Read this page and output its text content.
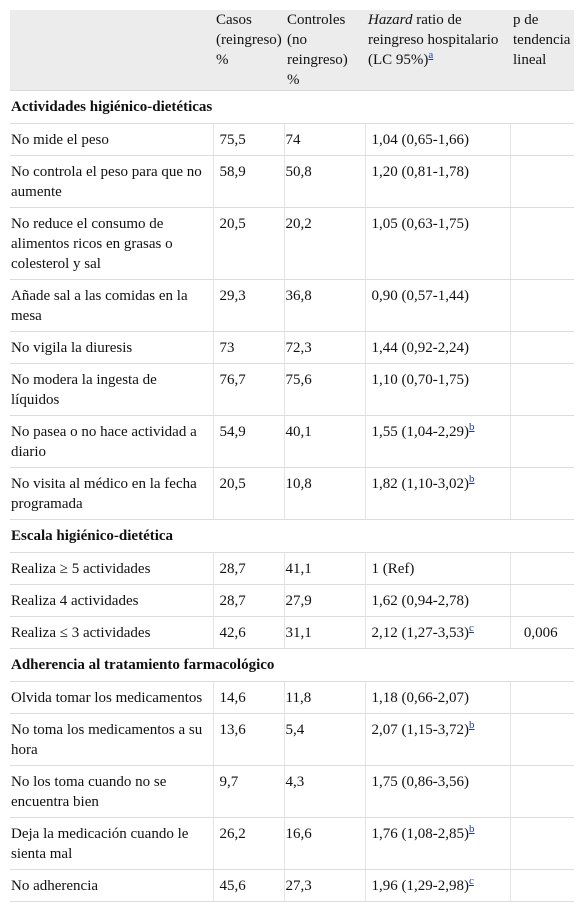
	Casos (reingreso) %	Controles (no reingreso) %	Hazard ratio de reingreso hospitalario (LC 95%)$^a$	p de tendencia lineal
Actividades higiénico-dietéticas				
No mide el peso	75,5	74	1,04 (0,65-1,66)	
No controla el peso para que no aumente	58,9	50,8	1,20 (0,81-1,78)	
No reduce el consumo de alimentos ricos en grasas o colesterol y sal	20,5	20,2	1,05 (0,63-1,75)	
Añade sal a las comidas en la mesa	29,3	36,8	0,90 (0,57-1,44)	
No vigila la diuresis	73	72,3	1,44 (0,92-2,24)	
No modera la ingesta de líquidos	76,7	75,6	1,10 (0,70-1,75)	
No pasea o no hace actividad a diario	54,9	40,1	1,55 (1,04-2,29)$^b$	
No visita al médico en la fecha programada	20,5	10,8	1,82 (1,10-3,02)$^b$	
Escala higiénico-dietética				
Realiza ≥ 5 actividades	28,7	41,1	1 (Ref)	
Realiza 4 actividades	28,7	27,9	1,62 (0,94-2,78)	
Realiza ≤ 3 actividades	42,6	31,1	2,12 (1,27-3,53)$^c$	0,006
Adherencia al tratamiento farmacológico				
Olvida tomar los medicamentos	14,6	11,8	1,18 (0,66-2,07)	
No toma los medicamentos a su hora	13,6	5,4	2,07 (1,15-3,72)$^b$	
No los toma cuando no se encuentra bien	9,7	4,3	1,75 (0,86-3,56)	
Deja la medicación cuando le sienta mal	26,2	16,6	1,76 (1,08-2,85)$^b$	
No adherencia	45,6	27,3	1,96 (1,29-2,98)$^c$	
